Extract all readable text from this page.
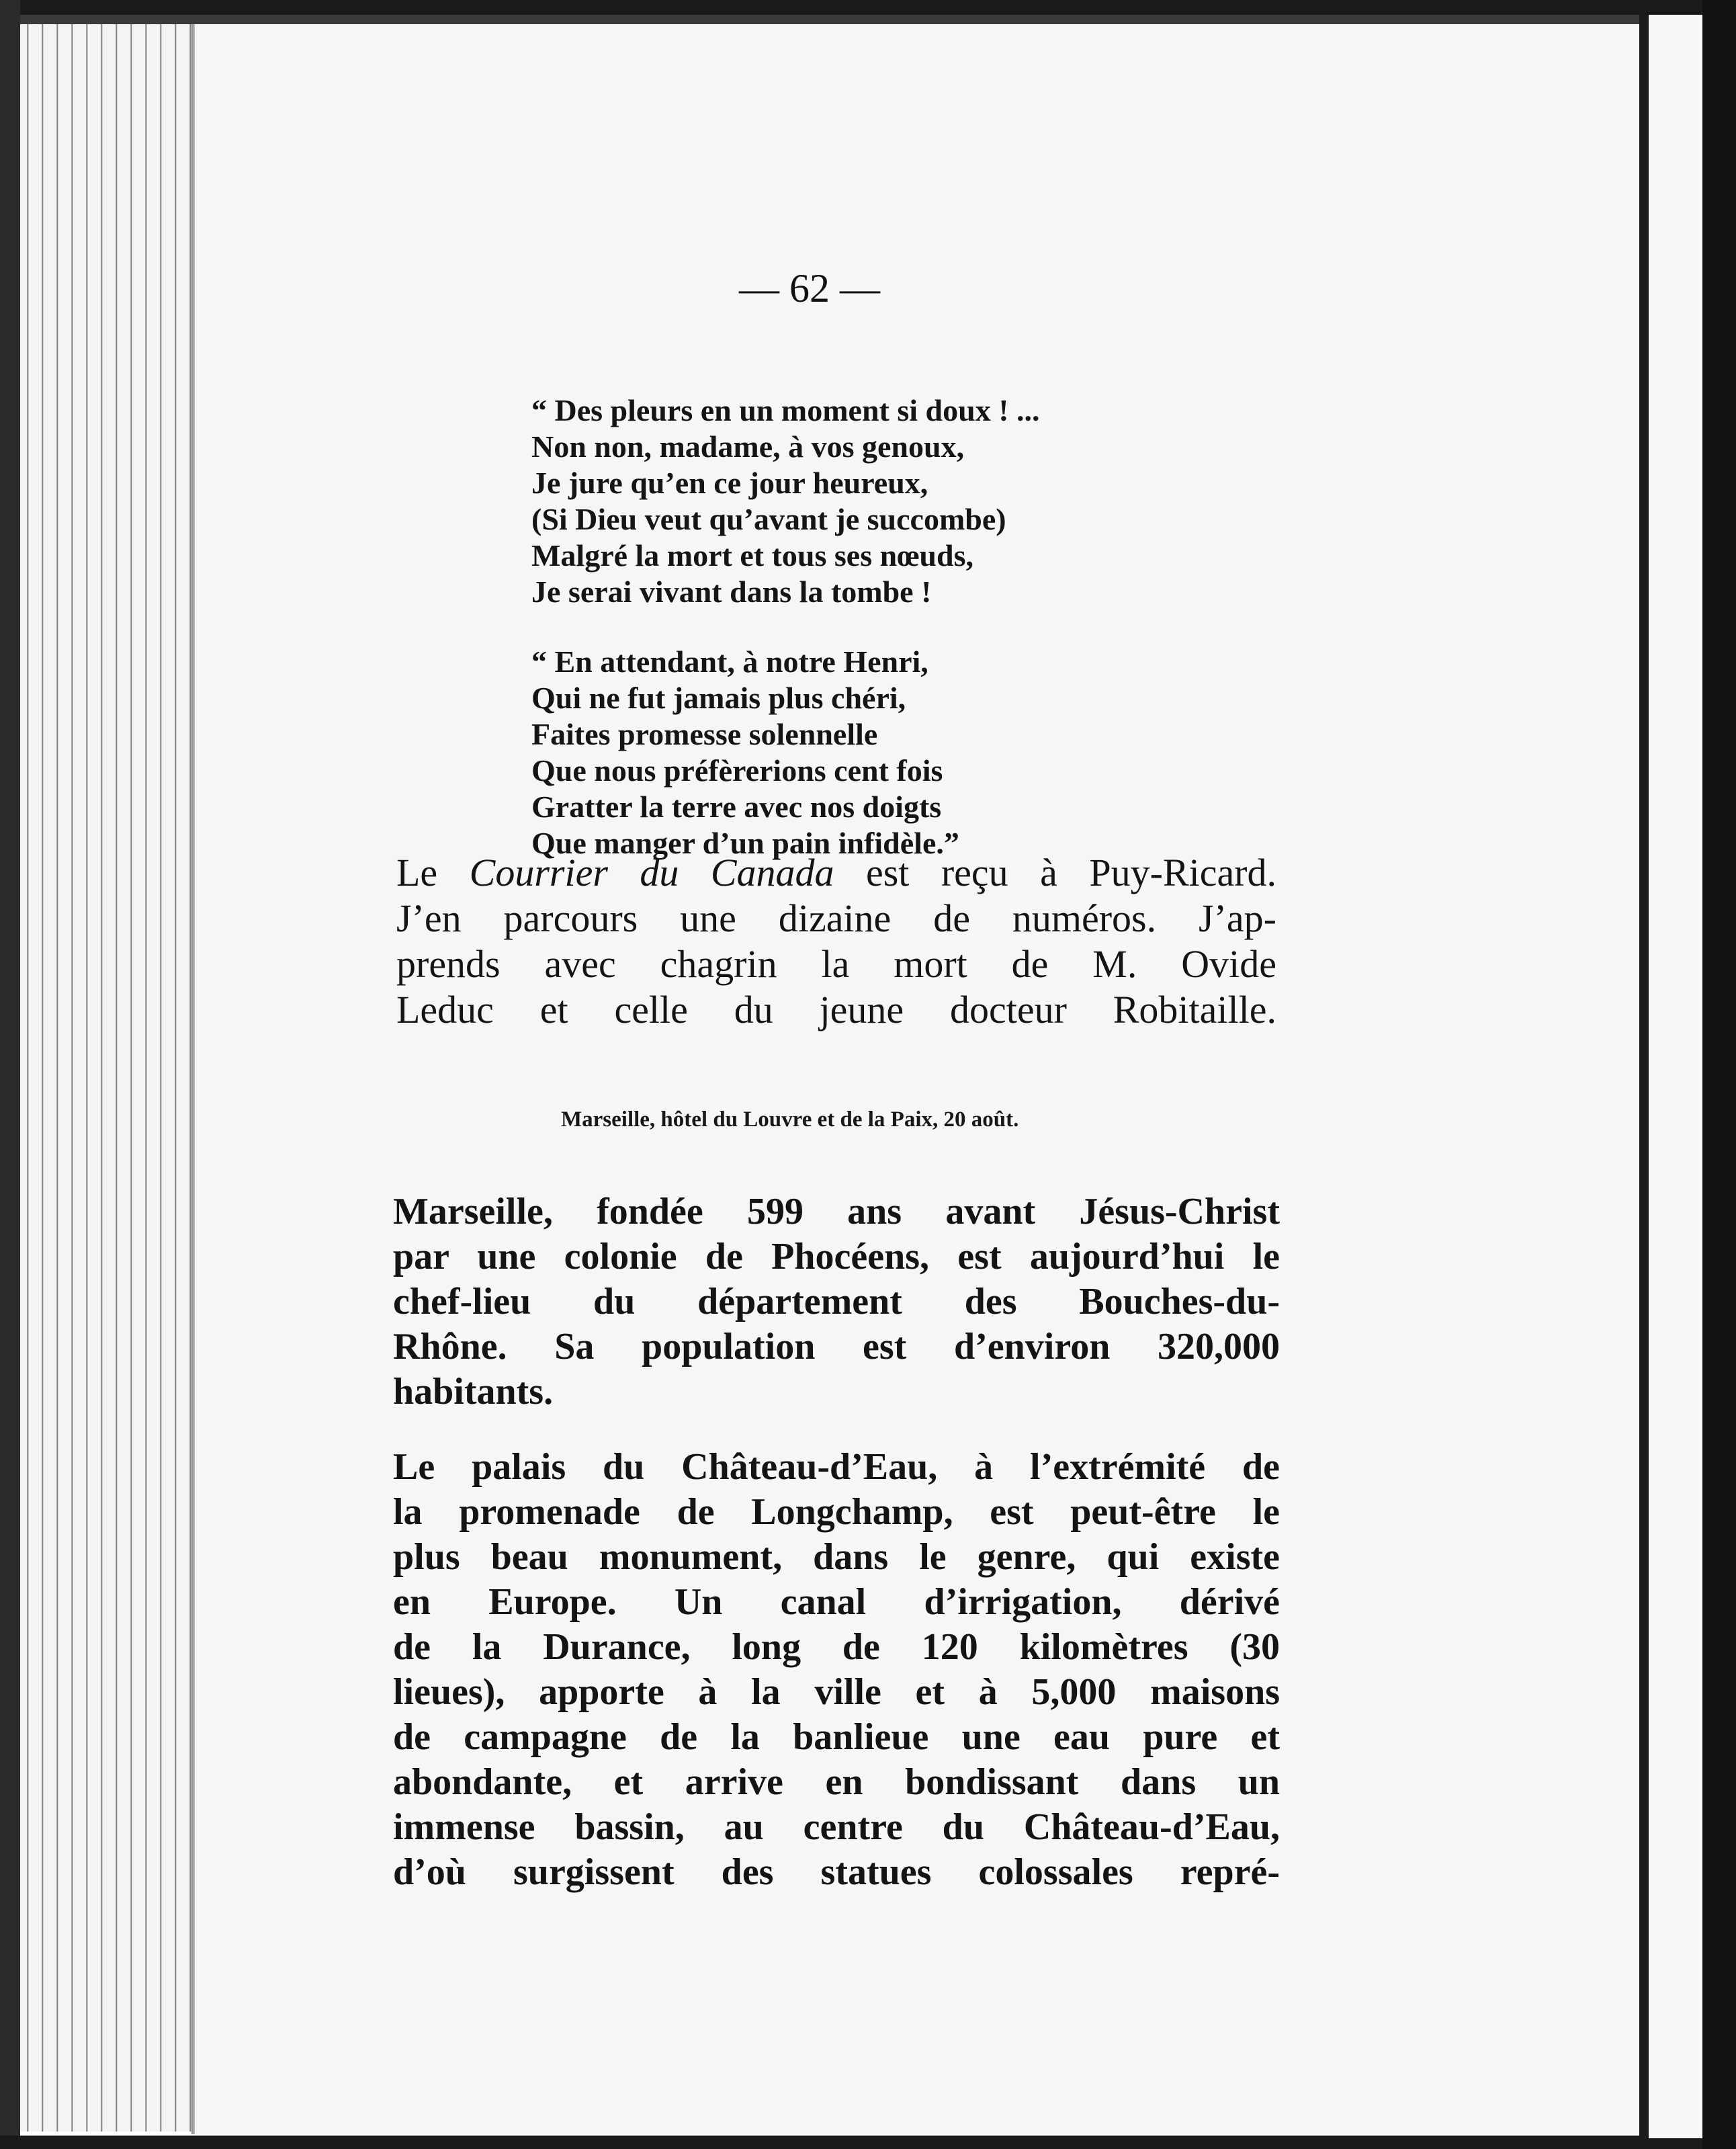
— 62 —

“ Des pleurs en un moment si doux ! ...
Non non, madame, à vos genoux,
Je jure qu’en ce jour heureux,
(Si Dieu veut qu’avant je succombe)
Malgré la mort et tous ses nœuds,
Je serai vivant dans la tombe !

“ En attendant, à notre Henri,
Qui ne fut jamais plus chéri,
Faites promesse solennelle
Que nous préfèrerions cent fois
Gratter la terre avec nos doigts
Que manger d’un pain infidèle.”

Le Courrier du Canada est reçu à Puy-Ricard.
J’en parcours une dizaine de numéros. J’ap-
prends avec chagrin la mort de M. Ovide
Leduc et celle du jeune docteur Robitaille.
Marseille, hôtel du Louvre et de la Paix, 20 août.
Marseille, fondée 599 ans avant Jésus-Christ
par une colonie de Phocéens, est aujourd’hui le
chef-lieu du département des Bouches-du-
Rhône. Sa population est d’environ 320,000
habitants.
Le palais du Château-d’Eau, à l’extrémité de
la promenade de Longchamp, est peut-être le
plus beau monument, dans le genre, qui existe
en Europe. Un canal d’irrigation, dérivé
de la Durance, long de 120 kilomètres (30
lieues), apporte à la ville et à 5,000 maisons
de campagne de la banlieue une eau pure et
abondante, et arrive en bondissant dans un
immense bassin, au centre du Château-d’Eau,
d’où surgissent des statues colossales repré-
